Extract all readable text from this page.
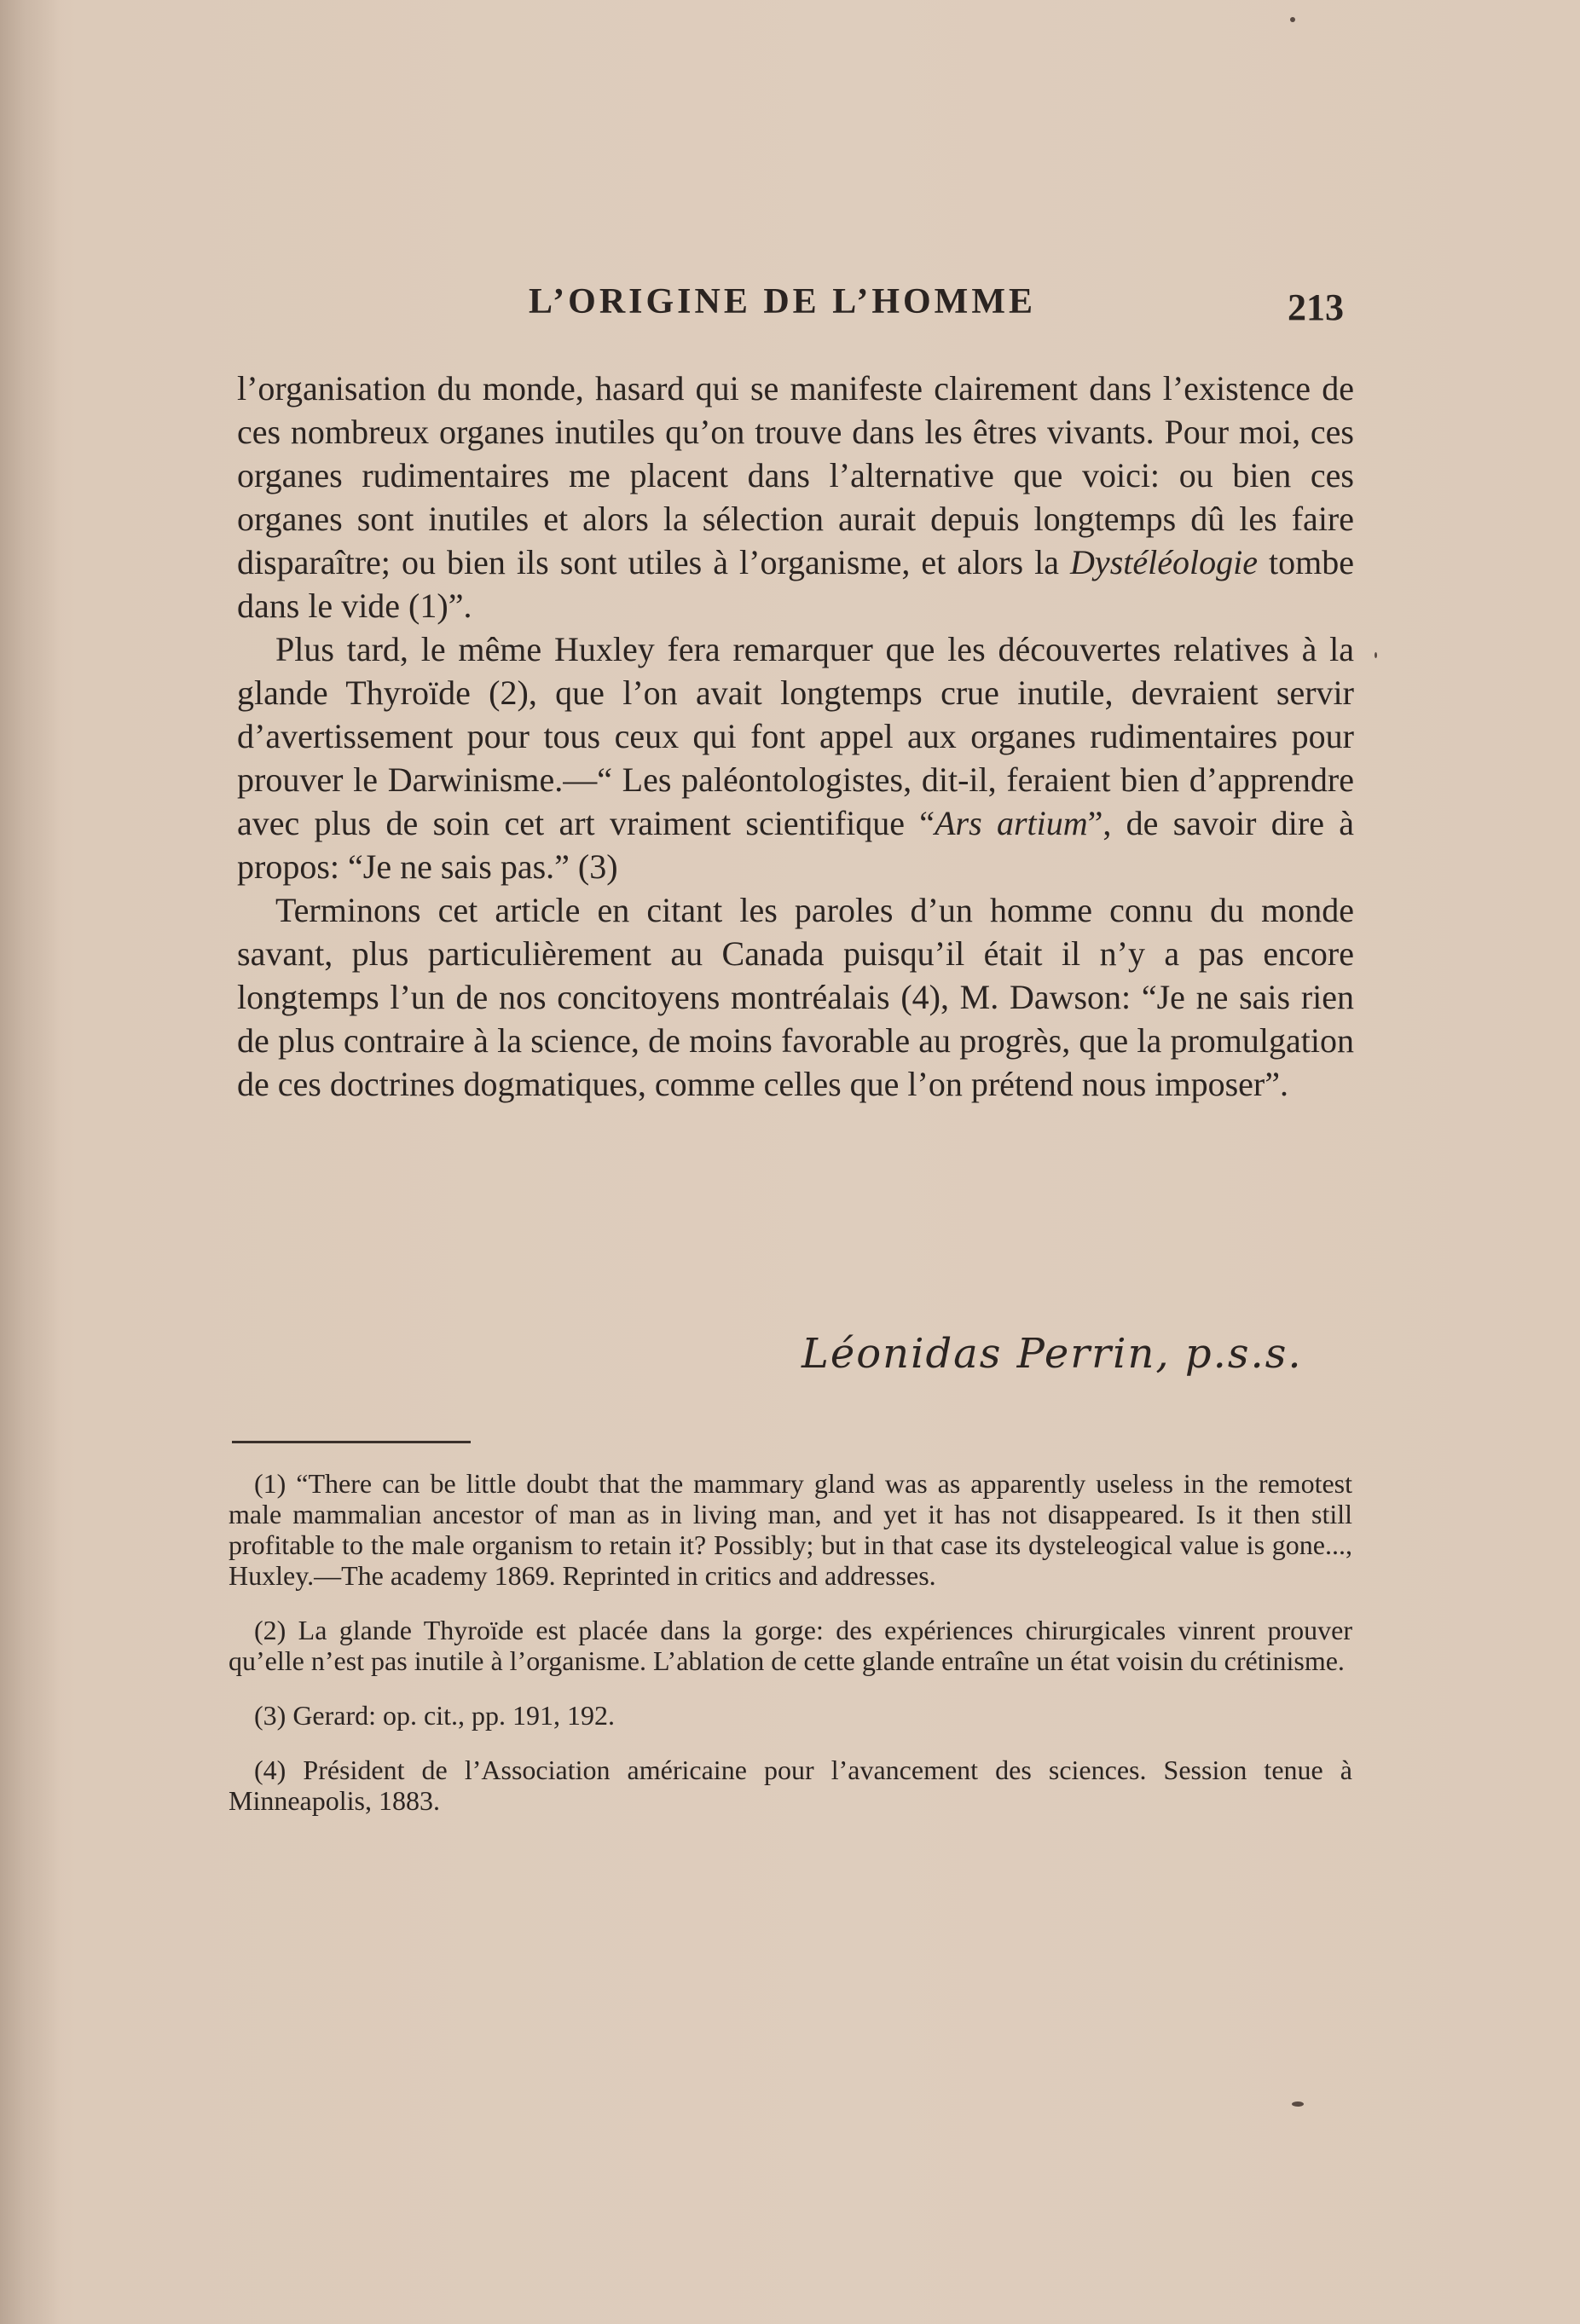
L’ORIGINE DE L’HOMME	213

l’organisation du monde, hasard qui se manifeste clairement dans l’existence de ces nombreux organes inutiles qu’on trouve dans les êtres vivants. Pour moi, ces organes rudimentaires me placent dans l’alternative que voici: ou bien ces organes sont inutiles et alors la sélection aurait depuis longtemps dû les faire disparaître; ou bien ils sont utiles à l’organisme, et alors la Dystéléologie tombe dans le vide (1)”.

Plus tard, le même Huxley fera remarquer que les découvertes relatives à la glande Thyroïde (2), que l’on avait longtemps crue inutile, devraient servir d’avertissement pour tous ceux qui font appel aux organes rudimentaires pour prouver le Darwinisme.—“ Les paléontologistes, dit-il, feraient bien d’apprendre avec plus de soin cet art vraiment scientifique “Ars artium”, de savoir dire à propos: “Je ne sais pas.” (3)

Terminons cet article en citant les paroles d’un homme connu du monde savant, plus particulièrement au Canada puisqu’il était il n’y a pas encore longtemps l’un de nos concitoyens montréalais (4), M. Dawson: “Je ne sais rien de plus contraire à la science, de moins favorable au progrès, que la promulgation de ces doctrines dogmatiques, comme celles que l’on prétend nous imposer”.

Léonidas Perrin, p.s.s.

(1) “There can be little doubt that the mammary gland was as apparently useless in the remotest male mammalian ancestor of man as in living man, and yet it has not disappeared. Is it then still profitable to the male organism to retain it? Possibly; but in that case its dysteleogical value is gone..., Huxley.—The academy 1869. Reprinted in critics and addresses.

(2) La glande Thyroïde est placée dans la gorge: des expériences chirurgicales vinrent prouver qu’elle n’est pas inutile à l’organisme. L’ablation de cette glande entraîne un état voisin du crétinisme.

(3) Gerard: op. cit., pp. 191, 192.

(4) Président de l’Association américaine pour l’avancement des sciences. Session tenue à Minneapolis, 1883.
